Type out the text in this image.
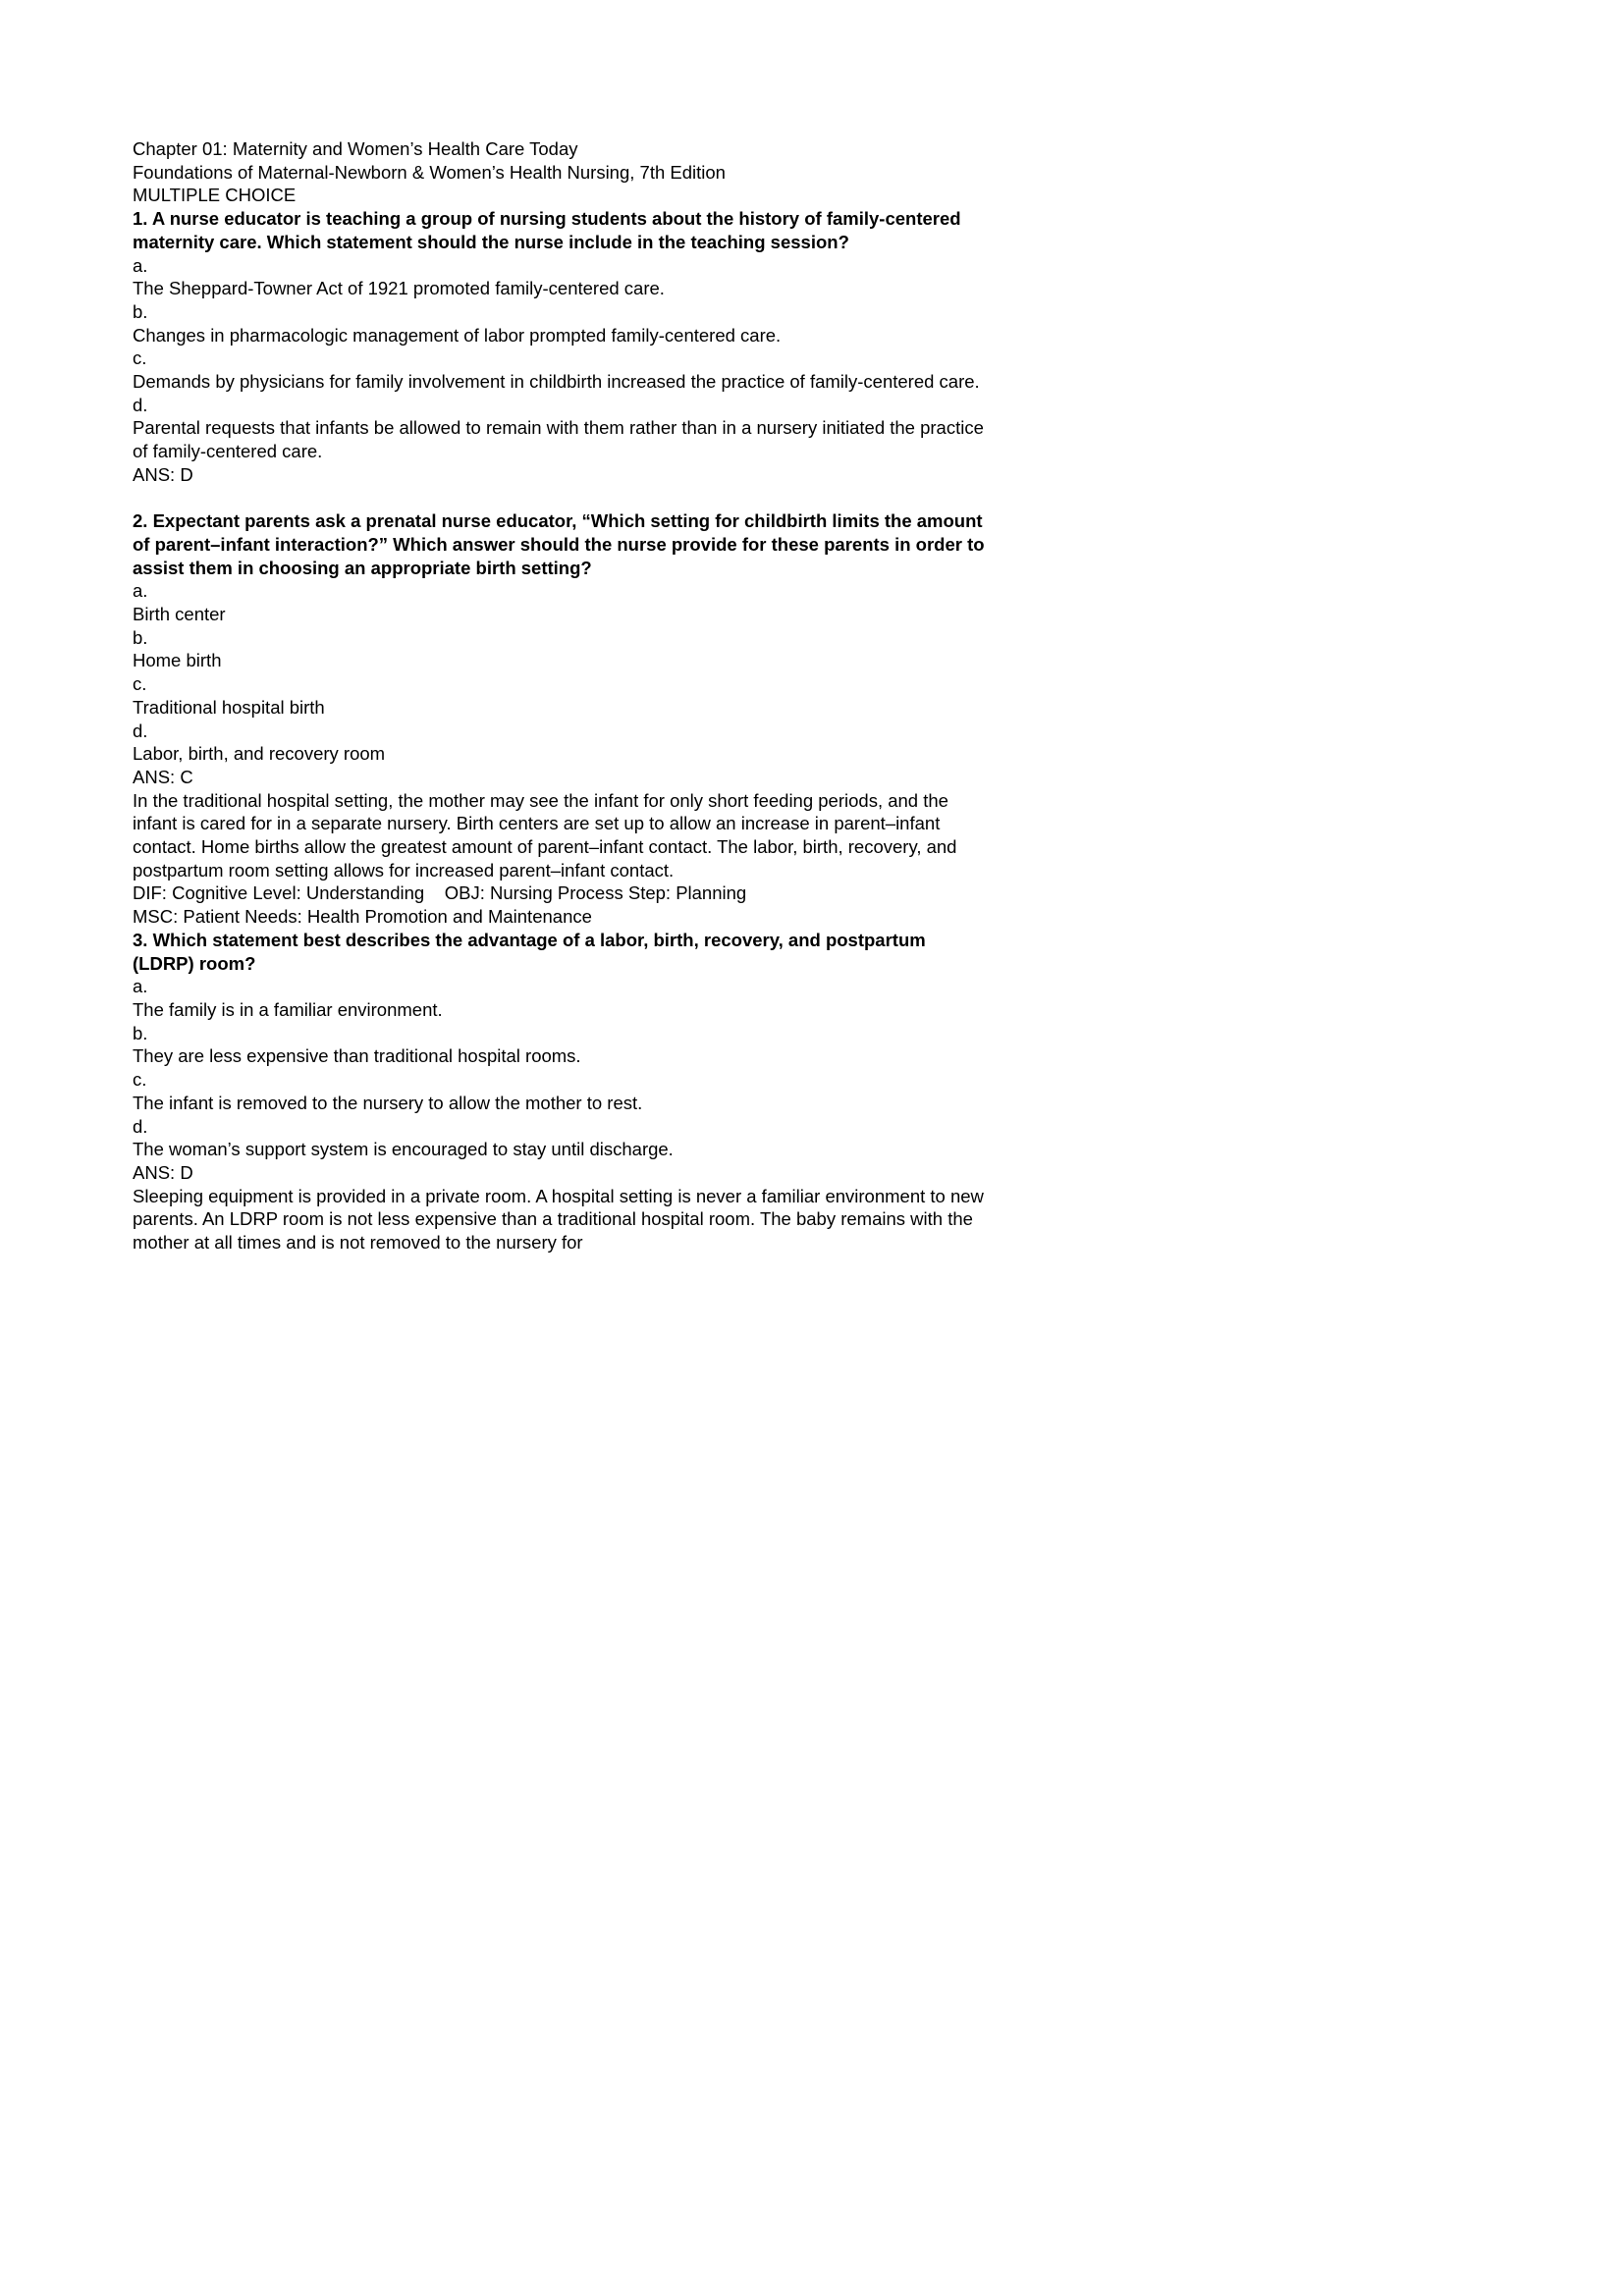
Chapter 01: Maternity and Women’s Health Care Today
Foundations of Maternal-Newborn & Women’s Health Nursing, 7th Edition
MULTIPLE CHOICE
1. A nurse educator is teaching a group of nursing students about the history of family-centered maternity care. Which statement should the nurse include in the teaching session?
a.
The Sheppard-Towner Act of 1921 promoted family-centered care.
b.
Changes in pharmacologic management of labor prompted family-centered care.
c.
Demands by physicians for family involvement in childbirth increased the practice of family-centered care.
d.
Parental requests that infants be allowed to remain with them rather than in a nursery initiated the practice of family-centered care.
ANS: D
2. Expectant parents ask a prenatal nurse educator, “Which setting for childbirth limits the amount of parent–infant interaction?” Which answer should the nurse provide for these parents in order to assist them in choosing an appropriate birth setting?
a.
Birth center
b.
Home birth
c.
Traditional hospital birth
d.
Labor, birth, and recovery room
ANS: C
In the traditional hospital setting, the mother may see the infant for only short feeding periods, and the infant is cared for in a separate nursery. Birth centers are set up to allow an increase in parent–infant contact. Home births allow the greatest amount of parent–infant contact. The labor, birth, recovery, and postpartum room setting allows for increased parent–infant contact.
DIF: Cognitive Level: Understanding    OBJ: Nursing Process Step: Planning
MSC: Patient Needs: Health Promotion and Maintenance
3. Which statement best describes the advantage of a labor, birth, recovery, and postpartum (LDRP) room?
a.
The family is in a familiar environment.
b.
They are less expensive than traditional hospital rooms.
c.
The infant is removed to the nursery to allow the mother to rest.
d.
The woman’s support system is encouraged to stay until discharge.
ANS: D
Sleeping equipment is provided in a private room. A hospital setting is never a familiar environment to new parents. An LDRP room is not less expensive than a traditional hospital room. The baby remains with the mother at all times and is not removed to the nursery for
